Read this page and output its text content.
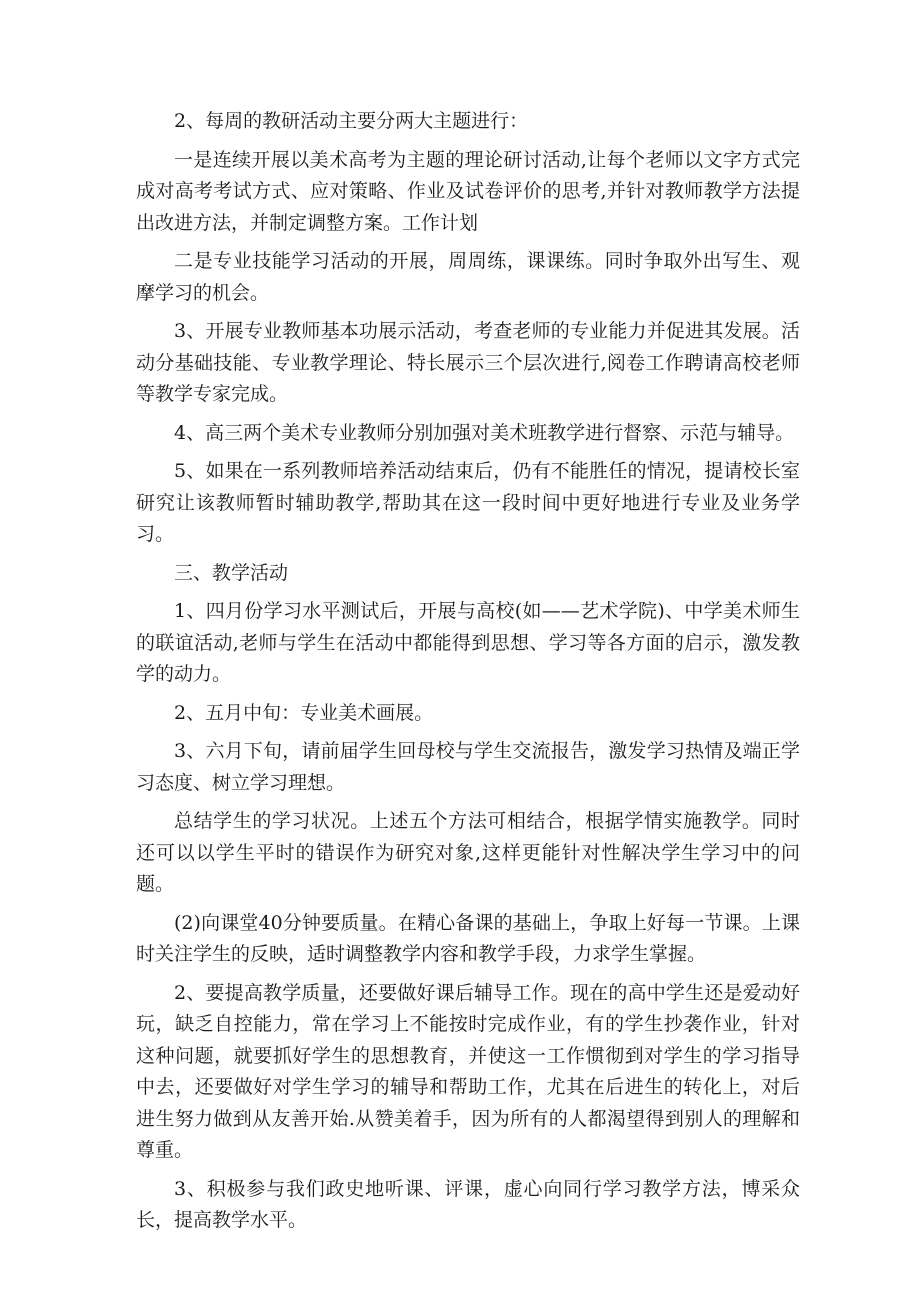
2、每周的教研活动主要分两大主题进行：

一是连续开展以美术高考为主题的理论研讨活动,让每个老师以文字方式完成对高考考试方式、应对策略、作业及试卷评价的思考,并针对教师教学方法提出改进方法，并制定调整方案。工作计划

二是专业技能学习活动的开展，周周练，课课练。同时争取外出写生、观摩学习的机会。

3、开展专业教师基本功展示活动，考查老师的专业能力并促进其发展。活动分基础技能、专业教学理论、特长展示三个层次进行,阅卷工作聘请高校老师等教学专家完成。

4、高三两个美术专业教师分别加强对美术班教学进行督察、示范与辅导。

5、如果在一系列教师培养活动结束后，仍有不能胜任的情况，提请校长室研究让该教师暂时辅助教学,帮助其在这一段时间中更好地进行专业及业务学习。

三、教学活动

1、四月份学习水平测试后，开展与高校(如——艺术学院)、中学美术师生的联谊活动,老师与学生在活动中都能得到思想、学习等各方面的启示，激发教学的动力。

2、五月中旬：专业美术画展。

3、六月下旬，请前届学生回母校与学生交流报告，激发学习热情及端正学习态度、树立学习理想。

总结学生的学习状况。上述五个方法可相结合，根据学情实施教学。同时还可以以学生平时的错误作为研究对象,这样更能针对性解决学生学习中的问题。

(2)向课堂40分钟要质量。在精心备课的基础上，争取上好每一节课。上课时关注学生的反映，适时调整教学内容和教学手段，力求学生掌握。

2、要提高教学质量，还要做好课后辅导工作。现在的高中学生还是爱动好玩，缺乏自控能力，常在学习上不能按时完成作业，有的学生抄袭作业，针对这种问题，就要抓好学生的思想教育，并使这一工作惯彻到对学生的学习指导中去，还要做好对学生学习的辅导和帮助工作，尤其在后进生的转化上，对后进生努力做到从友善开始.从赞美着手，因为所有的人都渴望得到别人的理解和尊重。

3、积极参与我们政史地听课、评课，虚心向同行学习教学方法，博采众长，提高教学水平。
